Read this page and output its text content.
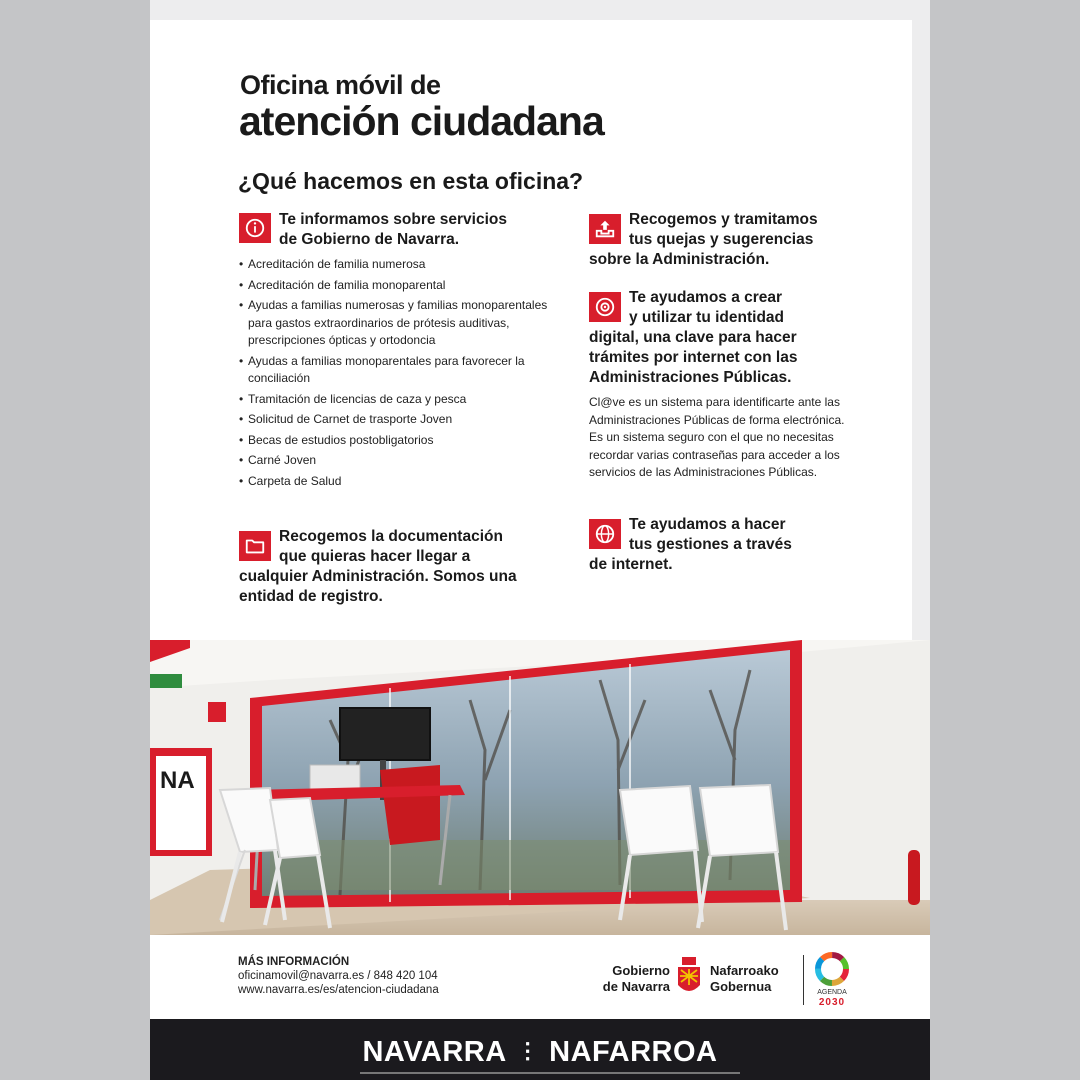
Oficina móvil de
atención ciudadana
¿Qué hacemos en esta oficina?
Te informamos sobre servicios
de Gobierno de Navarra.
• Acreditación de familia numerosa
• Acreditación de familia monoparental
• Ayudas a familias numerosas y familias monoparentales para gastos extraordinarios de prótesis auditivas, prescripciones ópticas y ortodoncia
• Ayudas a familias monoparentales para favorecer la conciliación
• Tramitación de licencias de caza y pesca
• Solicitud de Carnet de trasporte Joven
• Becas de estudios postobligatorios
• Carné Joven
• Carpeta de Salud
Recogemos la documentación
que quieras hacer llegar a
cualquier Administración. Somos una entidad de registro.
Recogemos y tramitamos
tus quejas y sugerencias
sobre la Administración.
Te ayudamos a crear
y utilizar tu identidad
digital, una clave para hacer trámites por internet con las Administraciones Públicas.
Cl@ve es un sistema para identificarte ante las Administraciones Públicas de forma electrónica. Es un sistema seguro con el que no necesitas recordar varias contraseñas para acceder a los servicios de las Administraciones Públicas.
Te ayudamos a hacer
tus gestiones a través
de internet.
NA
MÁS INFORMACIÓN
oficinamovil@navarra.es / 848 420 104
www.navarra.es/es/atencion-ciudadana
Gobierno
de Navarra
Nafarroako
Gobernua	AGENDA
2030
NAVARRA ⋮ NAFARROA
